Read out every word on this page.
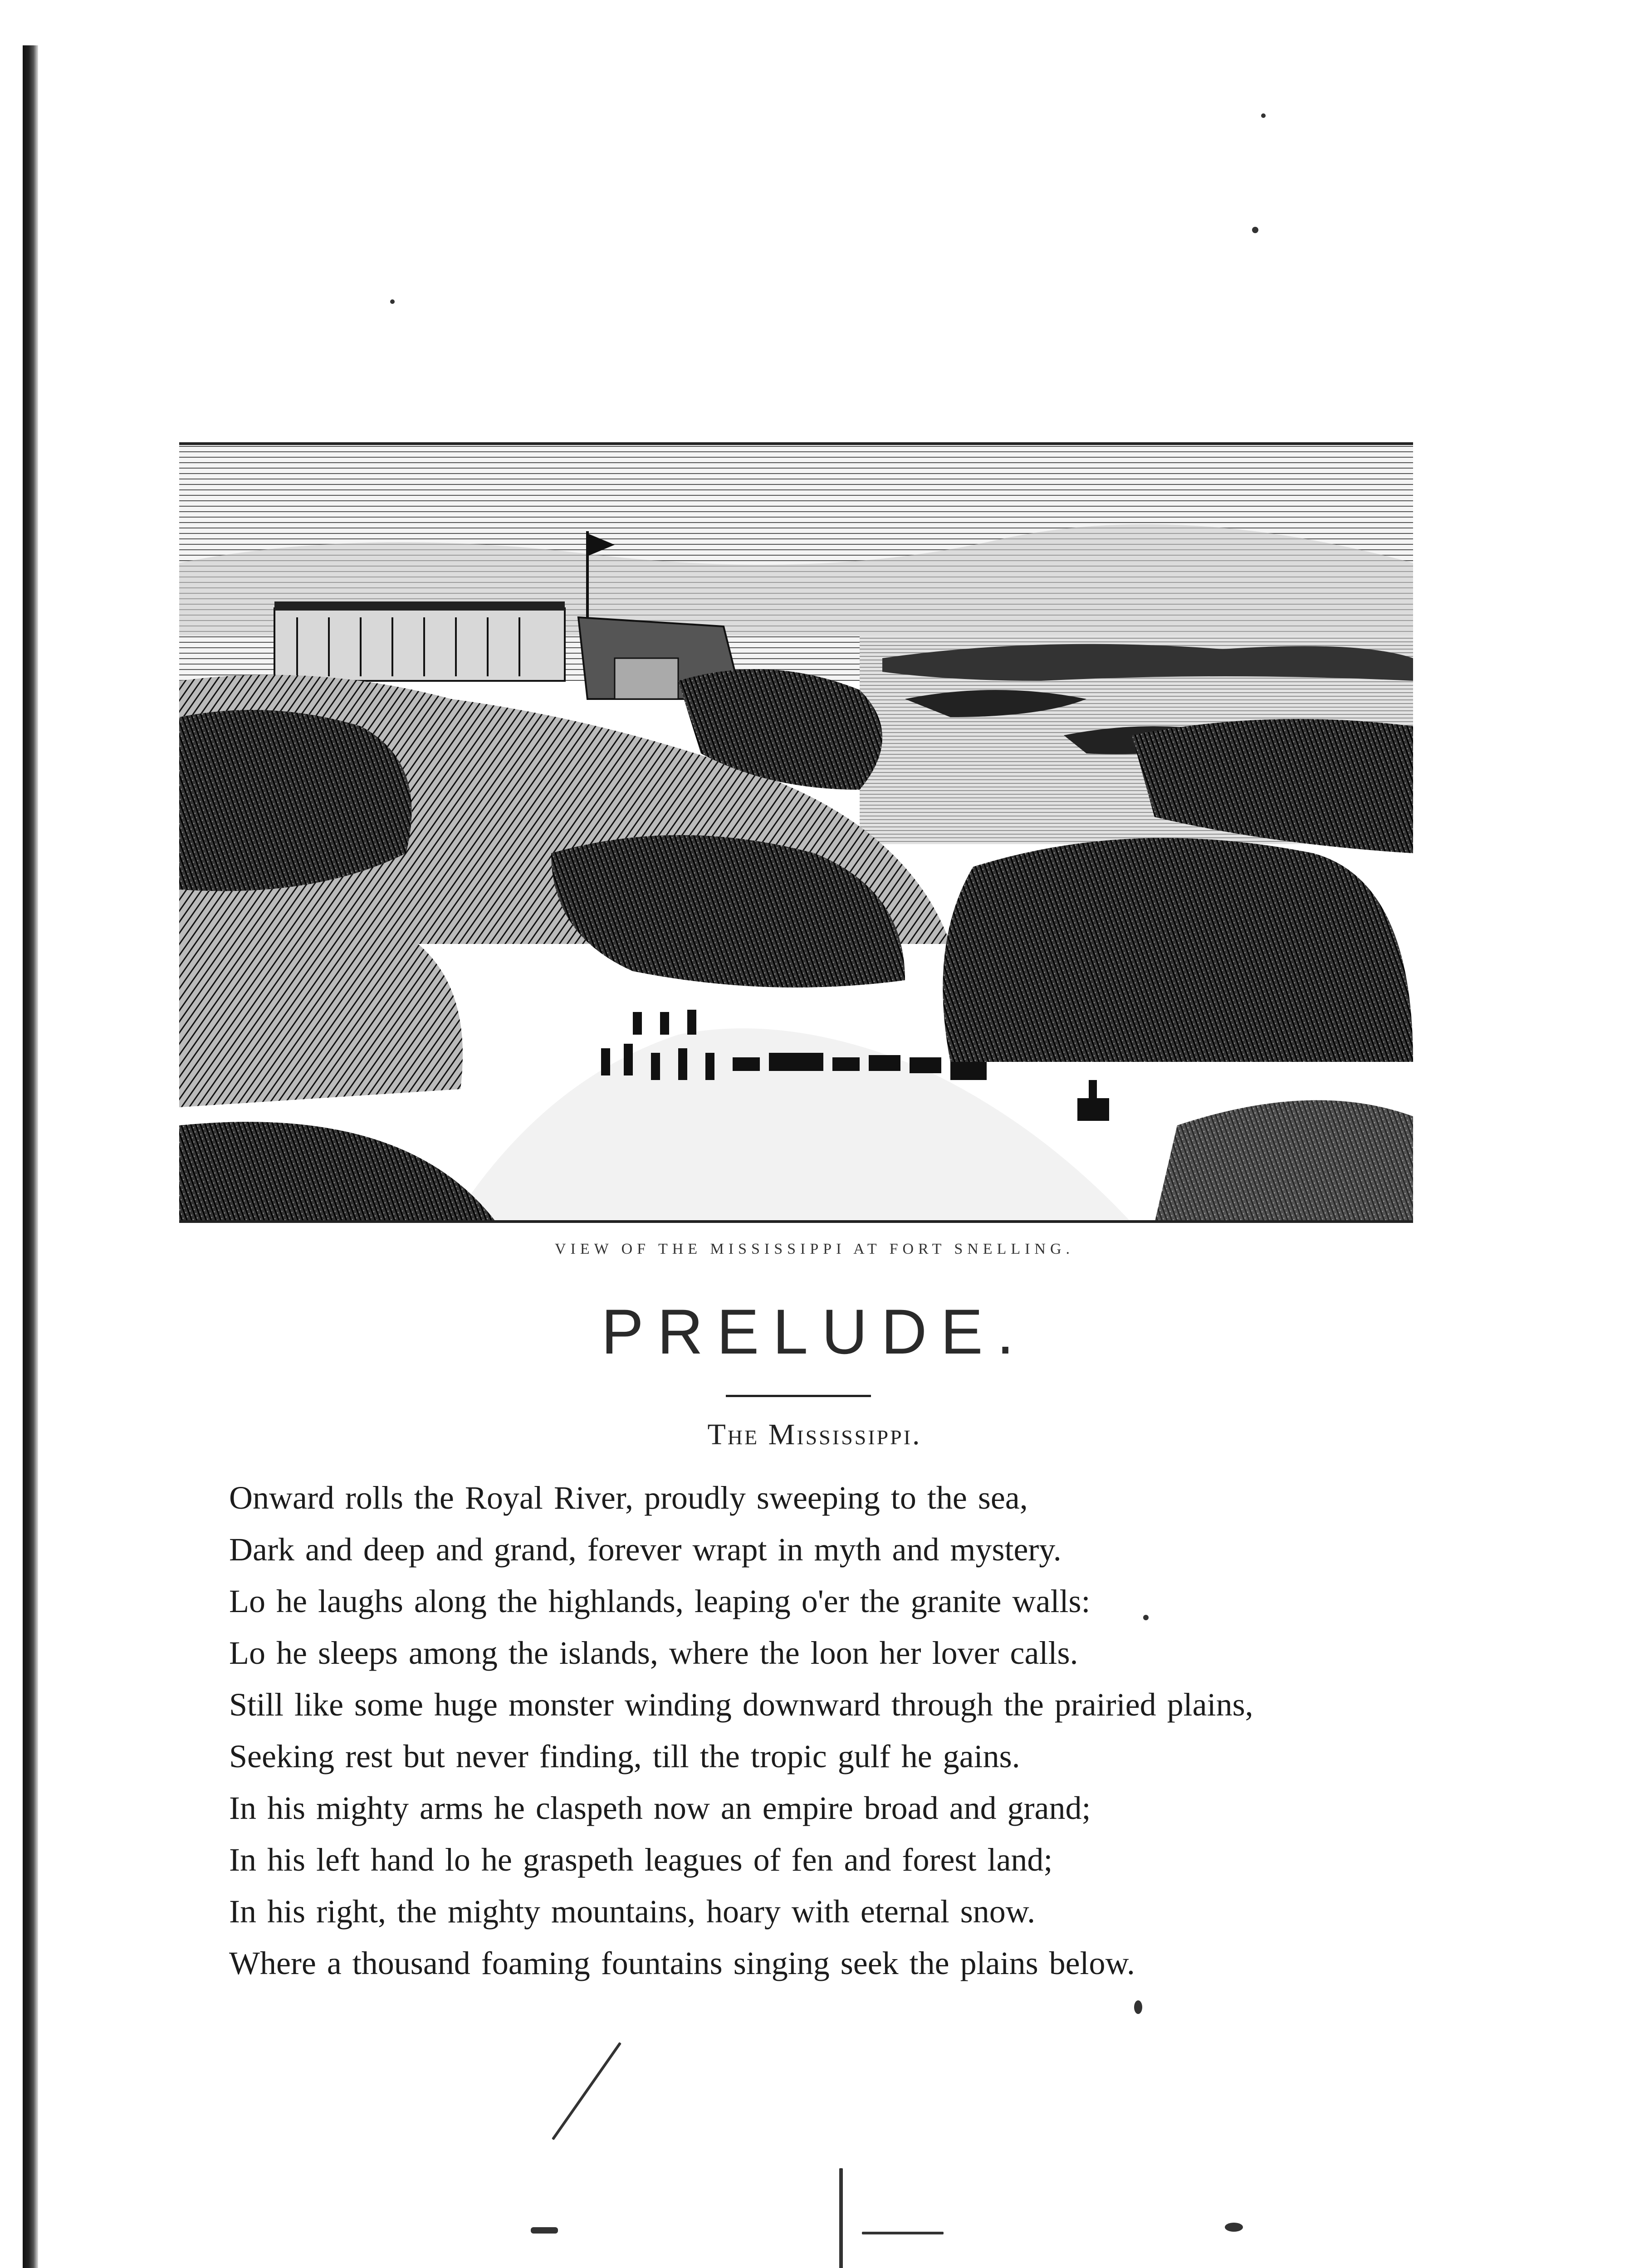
VIEW OF THE MISSISSIPPI AT FORT SNELLING.
PRELUDE.
The Mississippi.
Onward rolls the Royal River, proudly sweeping to the sea,
Dark and deep and grand, forever wrapt in myth and mystery.
Lo he laughs along the highlands, leaping o'er the granite walls:
Lo he sleeps among the islands, where the loon her lover calls.
Still like some huge monster winding downward through the prairied plains,
Seeking rest but never finding, till the tropic gulf he gains.
In his mighty arms he claspeth now an empire broad and grand;
In his left hand lo he graspeth leagues of fen and forest land;
In his right, the mighty mountains, hoary with eternal snow.
Where a thousand foaming fountains singing seek the plains below.
